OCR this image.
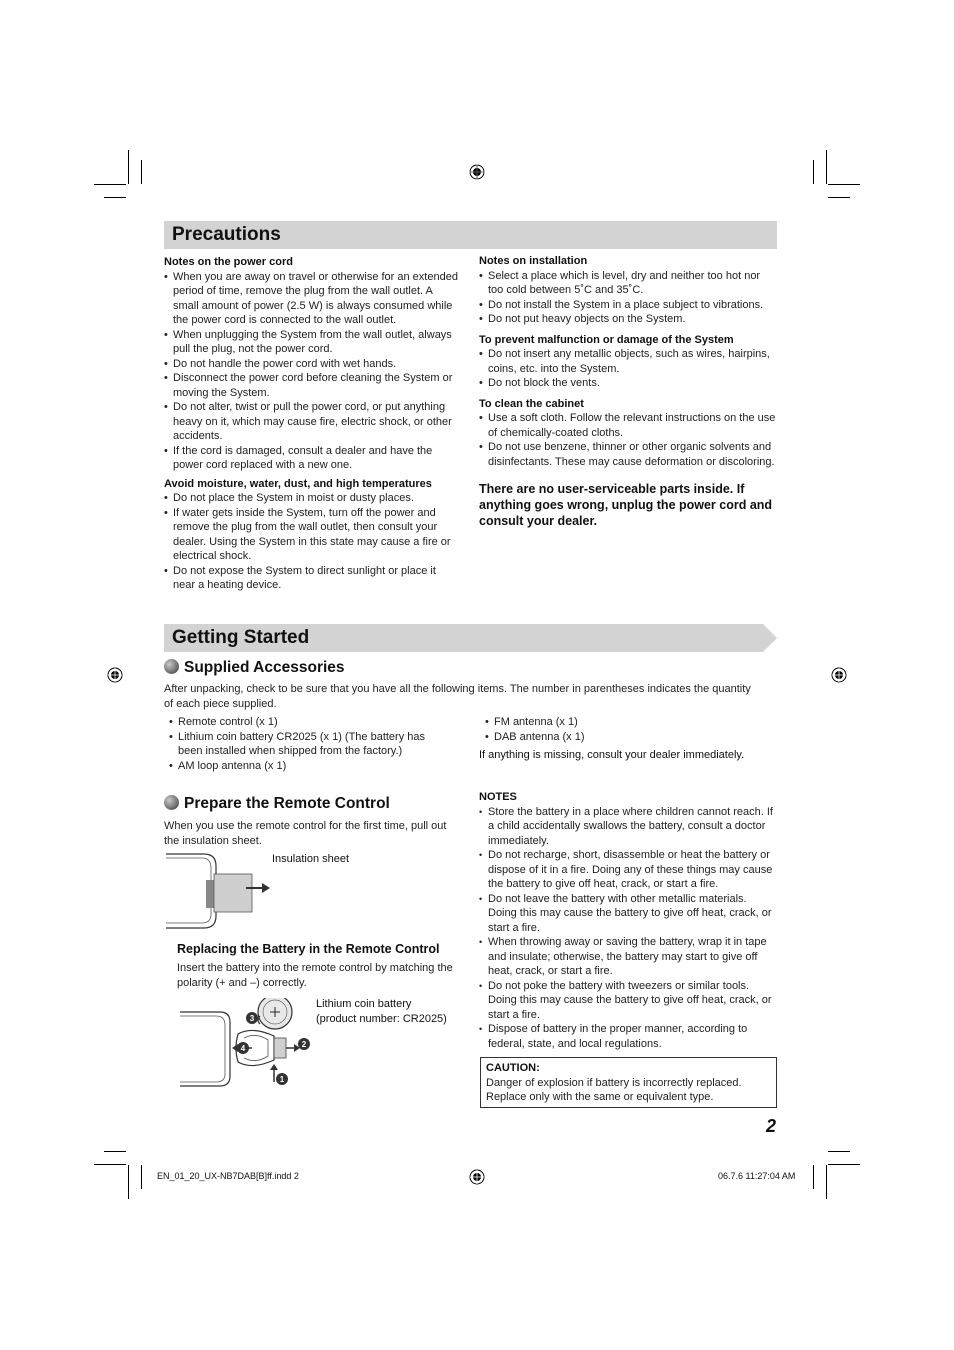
Precautions
Notes on the power cord
• When you are away on travel or otherwise for an extended period of time, remove the plug from the wall outlet. A small amount of power (2.5 W) is always consumed while the power cord is connected to the wall outlet.
• When unplugging the System from the wall outlet, always pull the plug, not the power cord.
• Do not handle the power cord with wet hands.
• Disconnect the power cord before cleaning the System or moving the System.
• Do not alter, twist or pull the power cord, or put anything heavy on it, which may cause fire, electric shock, or other accidents.
• If the cord is damaged, consult a dealer and have the power cord replaced with a new one.
Avoid moisture, water, dust, and high temperatures
• Do not place the System in moist or dusty places.
• If water gets inside the System, turn off the power and remove the plug from the wall outlet, then consult your dealer. Using the System in this state may cause a fire or electrical shock.
• Do not expose the System to direct sunlight or place it near a heating device.
Notes on installation
• Select a place which is level, dry and neither too hot nor too cold between 5˚C and 35˚C.
• Do not install the System in a place subject to vibrations.
• Do not put heavy objects on the System.
To prevent malfunction or damage of the System
• Do not insert any metallic objects, such as wires, hairpins, coins, etc. into the System.
• Do not block the vents.
To clean the cabinet
• Use a soft cloth. Follow the relevant instructions on the use of chemically-coated cloths.
• Do not use benzene, thinner or other organic solvents and disinfectants. These may cause deformation or discoloring.
There are no user-serviceable parts inside. If anything goes wrong, unplug the power cord and consult your dealer.
Getting Started
Supplied Accessories
After unpacking, check to be sure that you have all the following items. The number in parentheses indicates the quantity of each piece supplied.
• Remote control (x 1)
• Lithium coin battery CR2025 (x 1) (The battery has been installed when shipped from the factory.)
• AM loop antenna (x 1)
• FM antenna (x 1)
• DAB antenna (x 1)
If anything is missing, consult your dealer immediately.
Prepare the Remote Control
When you use the remote control for the first time, pull out the insulation sheet.
Insulation sheet
Replacing the Battery in the Remote Control
Insert the battery into the remote control by matching the polarity (+ and –) correctly.
2
1
3
4
Lithium coin battery
(product number: CR2025)
NOTES
• Store the battery in a place where children cannot reach. If a child accidentally swallows the battery, consult a doctor immediately.
• Do not recharge, short, disassemble or heat the battery or dispose of it in a fire. Doing any of these things may cause the battery to give off heat, crack, or start a fire.
• Do not leave the battery with other metallic materials. Doing this may cause the battery to give off heat, crack, or start a fire.
• When throwing away or saving the battery, wrap it in tape and insulate; otherwise, the battery may start to give off heat, crack, or start a fire.
• Do not poke the battery with tweezers or similar tools. Doing this may cause the battery to give off heat, crack, or start a fire.
• Dispose of battery in the proper manner, according to federal, state, and local regulations.
CAUTION:
Danger of explosion if battery is incorrectly replaced. Replace only with the same or equivalent type.
2
EN_01_20_UX-NB7DAB[B]ff.indd 2	06.7.6 11:27:04 AM
